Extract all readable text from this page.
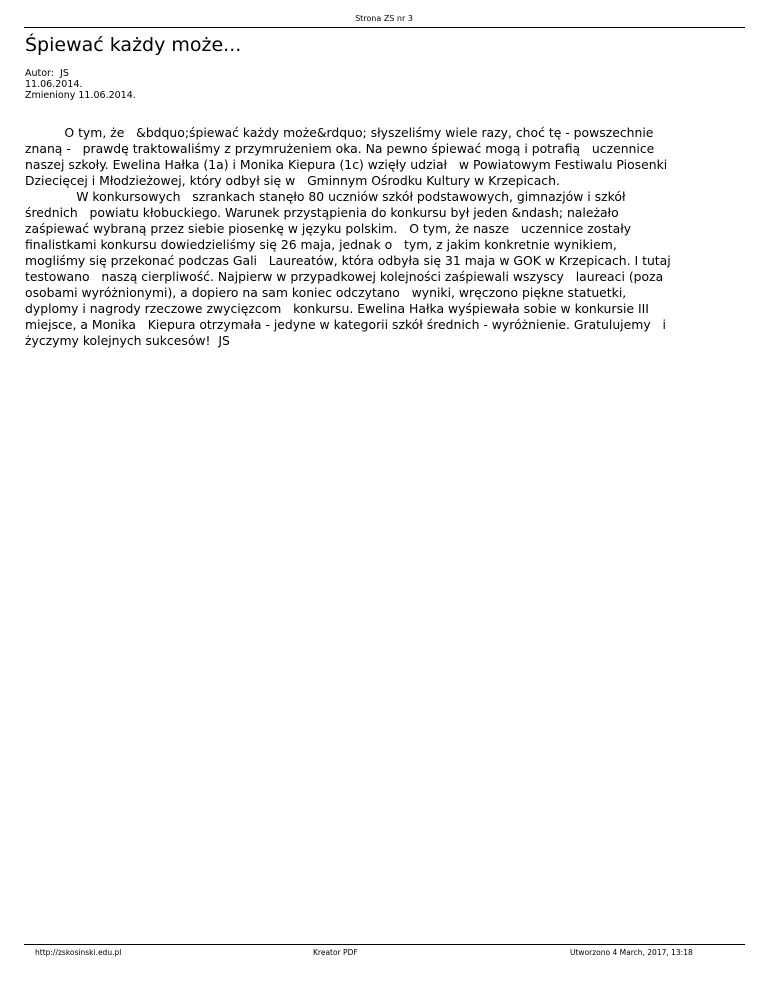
Strona ZS nr 3
Śpiewać każdy może...
Autor:  JS
11.06.2014.
Zmieniony 11.06.2014.
O tym, że   &bdquo;śpiewać każdy może&rdquo; słyszeliśmy wiele razy, choć tę - powszechnie
znaną -   prawdę traktowaliśmy z przymrużeniem oka. Na pewno śpiewać mogą i potrafią   uczennice
naszej szkoły. Ewelina Hałka (1a) i Monika Kiepura (1c) wzięły udział   w Powiatowym Festiwalu Piosenki
Dziecięcej i Młodzieżowej, który odbył się w   Gminnym Ośrodku Kultury w Krzepicach.
W konkursowych   szrankach stanęło 80 uczniów szkół podstawowych, gimnazjów i szkół
średnich   powiatu kłobuckiego. Warunek przystąpienia do konkursu był jeden &ndash; należało
zaśpiewać wybraną przez siebie piosenkę w języku polskim.   O tym, że nasze   uczennice zostały
finalistkami konkursu dowiedzieliśmy się 26 maja, jednak o   tym, z jakim konkretnie wynikiem,
mogliśmy się przekonać podczas Gali   Laureatów, która odbyła się 31 maja w GOK w Krzepicach. I tutaj
testowano   naszą cierpliwość. Najpierw w przypadkowej kolejności zaśpiewali wszyscy   laureaci (poza
osobami wyróżnionymi), a dopiero na sam koniec odczytano   wyniki, wręczono piękne statuetki,
dyplomy i nagrody rzeczowe zwycięzcom   konkursu. Ewelina Hałka wyśpiewała sobie w konkursie III
miejsce, a Monika   Kiepura otrzymała - jedyne w kategorii szkół średnich - wyróżnienie. Gratulujemy   i
życzymy kolejnych sukcesów!  JS
http://zskosinski.edu.pl	Kreator PDF	Utworzono 4 March, 2017, 13:18
